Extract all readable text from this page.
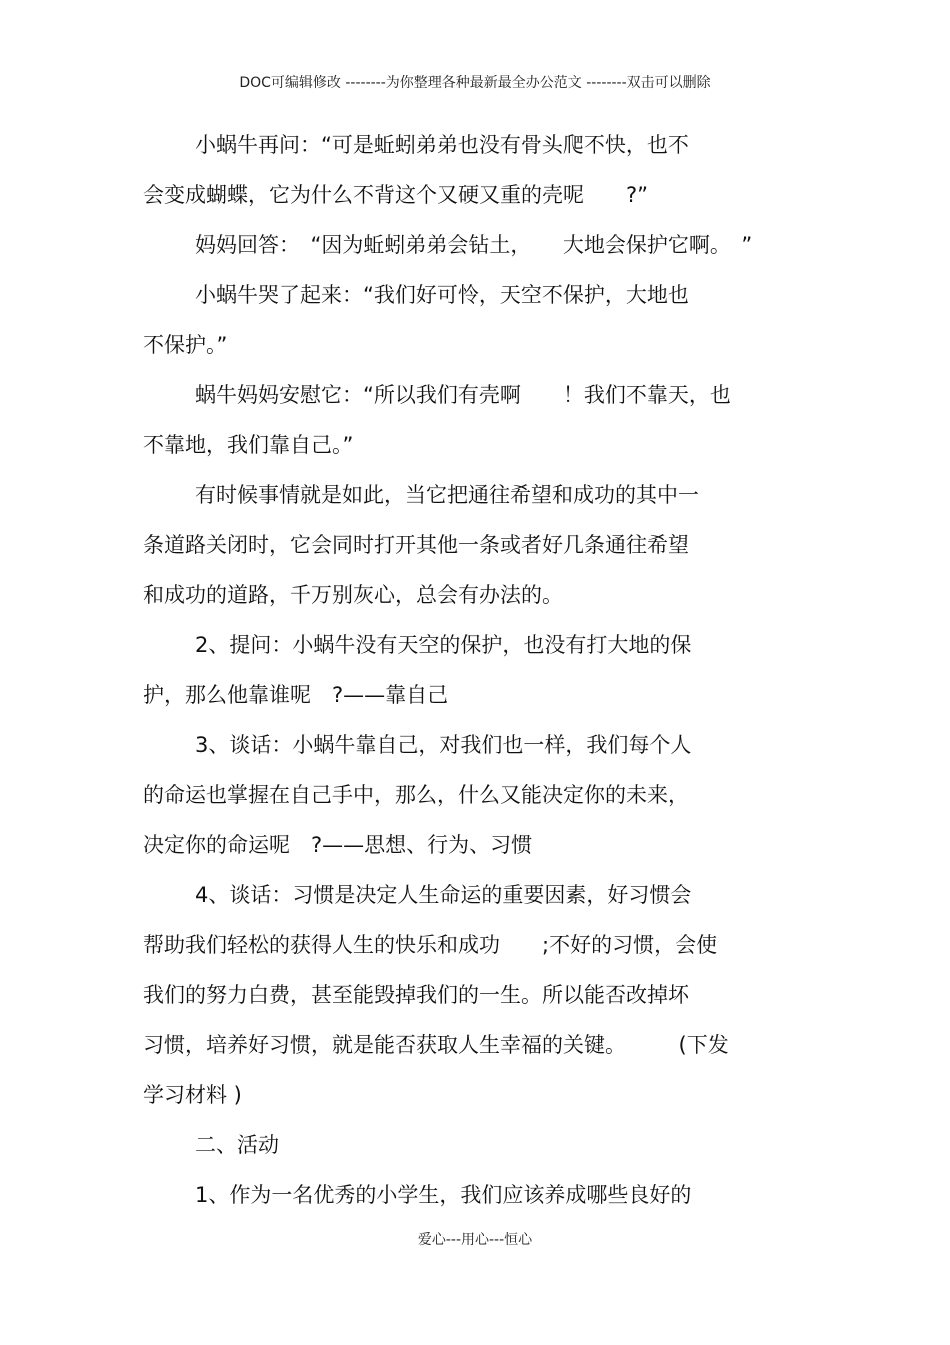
DOC可编辑修改 --------为你整理各种最新最全办公范文 --------双击可以删除
小蜗牛再问：“可是蚯蚓弟弟也没有骨头爬不快，也不
会变成蝴蝶，它为什么不背这个又硬又重的壳呢　　?”
妈妈回答：　“因为蚯蚓弟弟会钻土，　　大地会保护它啊。　”
小蜗牛哭了起来：“我们好可怜，天空不保护，大地也
不保护。”
蜗牛妈妈安慰它：“所以我们有壳啊　　！我们不靠天，也
不靠地，我们靠自己。”
有时候事情就是如此，当它把通往希望和成功的其中一
条道路关闭时，它会同时打开其他一条或者好几条通往希望
和成功的道路，千万别灰心，总会有办法的。
2、提问：小蜗牛没有天空的保护，也没有打大地的保
护，那么他靠谁呢　?——靠自己
3、谈话：小蜗牛靠自己，对我们也一样，我们每个人
的命运也掌握在自己手中，那么，什么又能决定你的未来，
决定你的命运呢　?——思想、行为、习惯
4、谈话：习惯是决定人生命运的重要因素，好习惯会
帮助我们轻松的获得人生的快乐和成功　　;不好的习惯，会使
我们的努力白费，甚至能毁掉我们的一生。所以能否改掉坏
习惯，培养好习惯，就是能否获取人生幸福的关键。　　　(下发
学习材料 )
二、活动
1、作为一名优秀的小学生，我们应该养成哪些良好的
爱心---用心---恒心
